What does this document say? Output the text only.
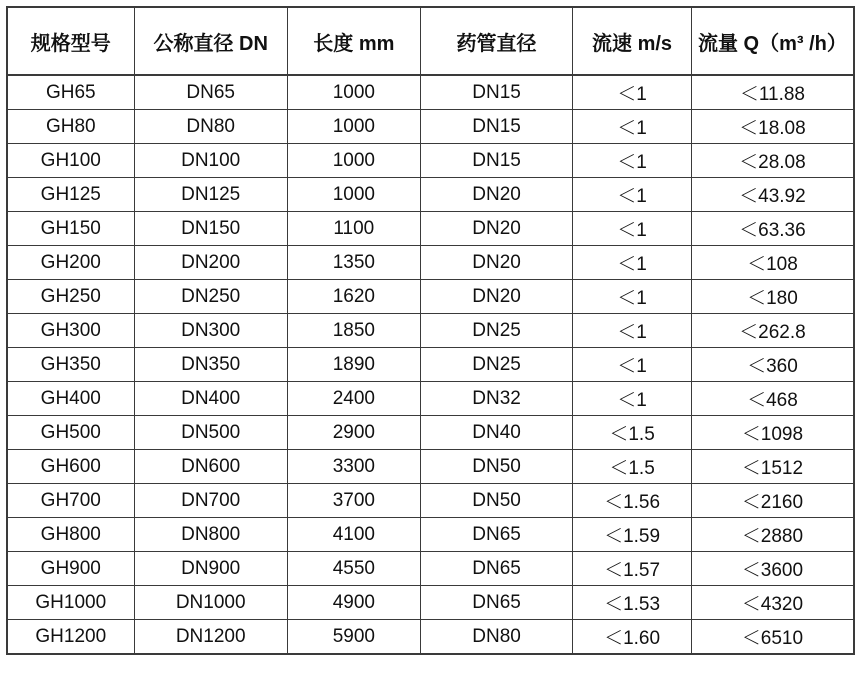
规格型号	公称直径 DN	长度 mm	药管直径	流速 m/s	流量 Q（m³ /h）
GH65	DN65	1000	DN15	＜1	＜11.88
GH80	DN80	1000	DN15	＜1	＜18.08
GH100	DN100	1000	DN15	＜1	＜28.08
GH125	DN125	1000	DN20	＜1	＜43.92
GH150	DN150	1100	DN20	＜1	＜63.36
GH200	DN200	1350	DN20	＜1	＜108
GH250	DN250	1620	DN20	＜1	＜180
GH300	DN300	1850	DN25	＜1	＜262.8
GH350	DN350	1890	DN25	＜1	＜360
GH400	DN400	2400	DN32	＜1	＜468
GH500	DN500	2900	DN40	＜1.5	＜1098
GH600	DN600	3300	DN50	＜1.5	＜1512
GH700	DN700	3700	DN50	＜1.56	＜2160
GH800	DN800	4100	DN65	＜1.59	＜2880
GH900	DN900	4550	DN65	＜1.57	＜3600
GH1000	DN1000	4900	DN65	＜1.53	＜4320
GH1200	DN1200	5900	DN80	＜1.60	＜6510
